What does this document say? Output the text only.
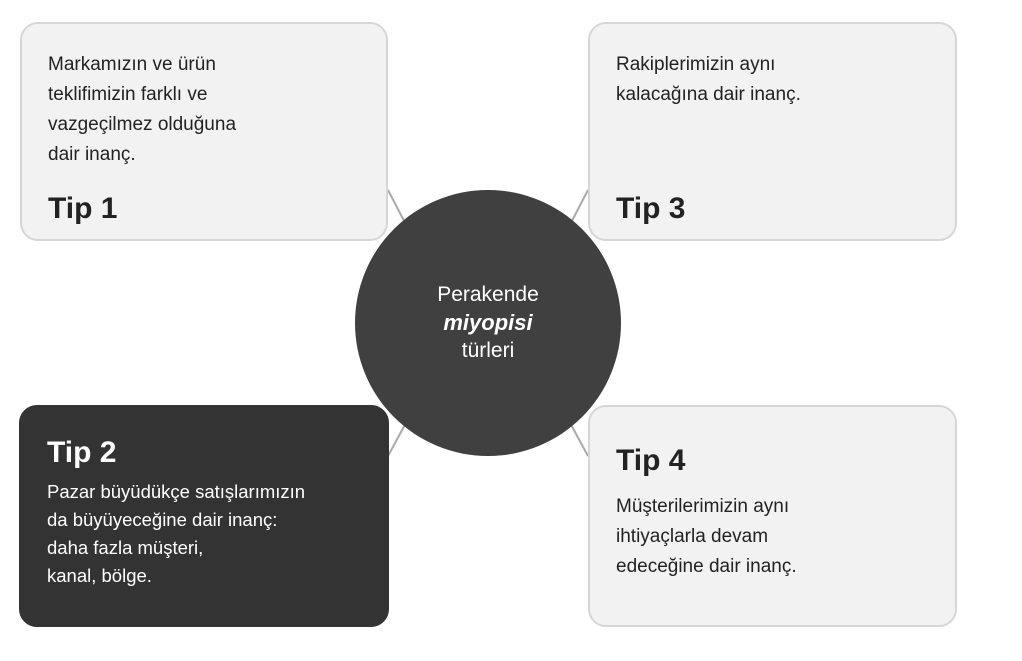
Markamızın ve ürün
teklifimizin farklı ve
vazgeçilmez olduğuna
dair inanç.
Tip 1
Rakiplerimizin aynı
kalacağına dair inanç.
Tip 3
Tip 2
Pazar büyüdükçe satışlarımızın
da büyüyeceğine dair inanç:
daha fazla müşteri,
kanal, bölge.
Tip 4
Müşterilerimizin aynı
ihtiyaçlarla devam
edeceğine dair inanç.
Perakende
miyopisi
türleri
